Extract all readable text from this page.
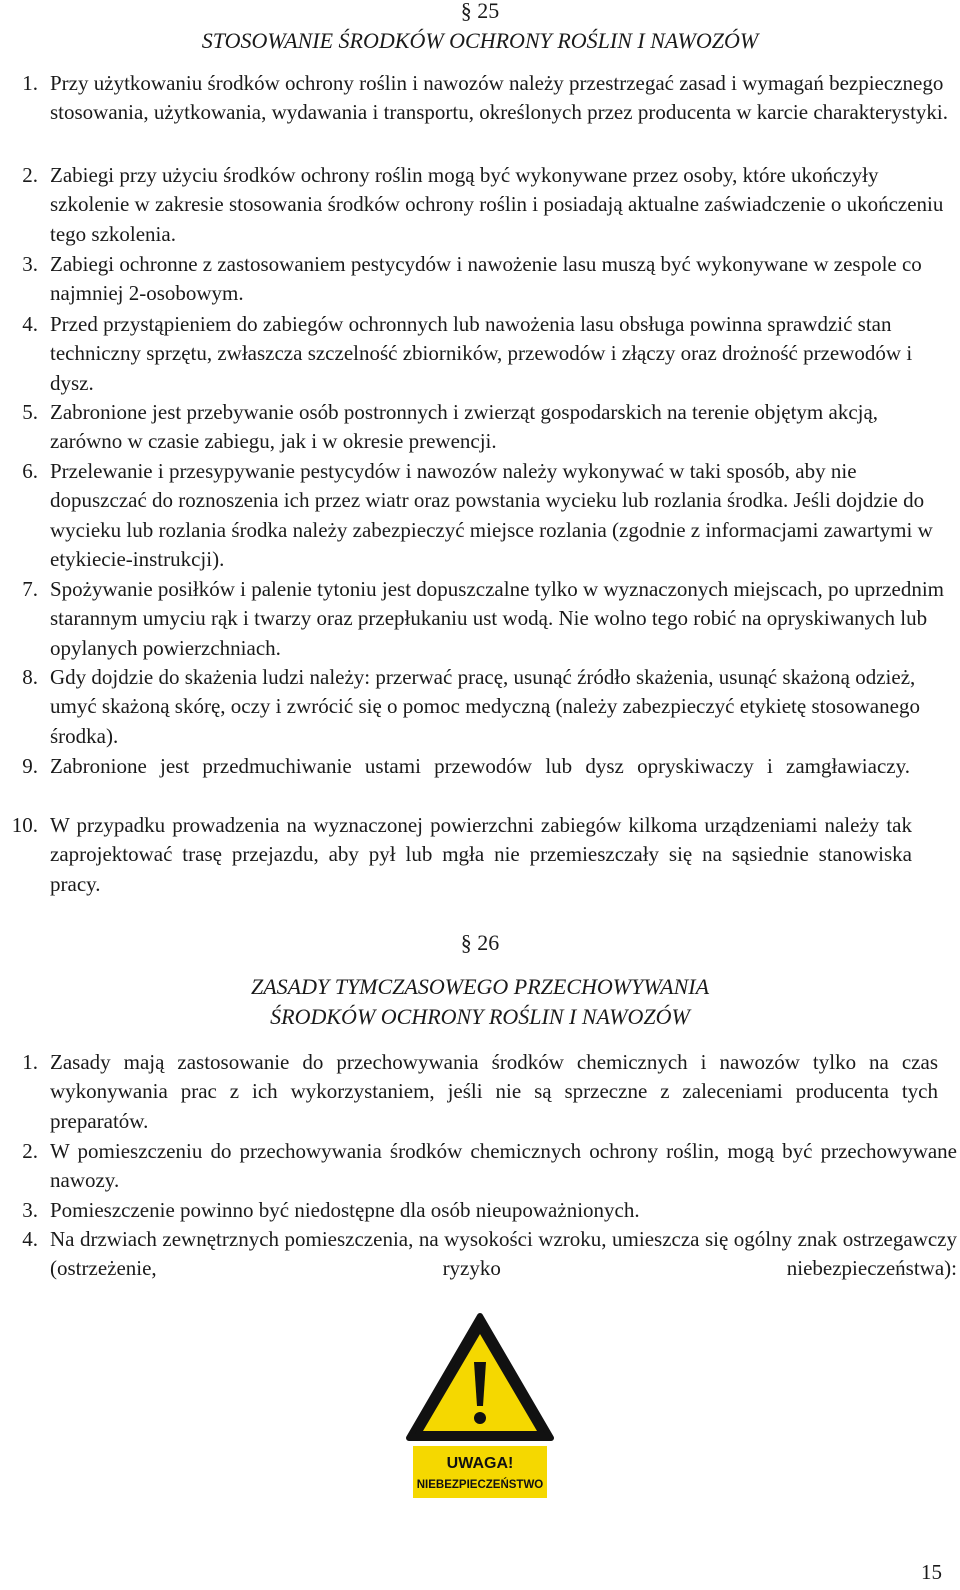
§ 25
STOSOWANIE ŚRODKÓW OCHRONY ROŚLIN I NAWOZÓW
1. Przy użytkowaniu środków ochrony roślin i nawozów należy przestrzegać zasad i wymagań bezpiecznego stosowania, użytkowania, wydawania i transportu, określonych przez producenta w karcie charakterystyki.
2. Zabiegi przy użyciu środków ochrony roślin mogą być wykonywane przez osoby, które ukończyły szkolenie w zakresie stosowania środków ochrony roślin i posiadają aktualne zaświadczenie o ukończeniu tego szkolenia.
3. Zabiegi ochronne z zastosowaniem pestycydów i nawożenie lasu muszą być wykonywane w zespole co najmniej 2-osobowym.
4. Przed przystąpieniem do zabiegów ochronnych lub nawożenia lasu obsługa powinna sprawdzić stan techniczny sprzętu, zwłaszcza szczelność zbiorników, przewodów i złączy oraz drożność przewodów i dysz.
5. Zabronione jest przebywanie osób postronnych i zwierząt gospodarskich na terenie objętym akcją, zarówno w czasie zabiegu, jak i w okresie prewencji.
6. Przelewanie i przesypywanie pestycydów i nawozów należy wykonywać w taki sposób, aby nie dopuszczać do roznoszenia ich przez wiatr oraz powstania wycieku lub rozlania środka. Jeśli dojdzie do wycieku lub rozlania środka należy zabezpieczyć miejsce rozlania (zgodnie z informacjami zawartymi w etykiecie-instrukcji).
7. Spożywanie posiłków i palenie tytoniu jest dopuszczalne tylko w wyznaczonych miejscach, po uprzednim starannym umyciu rąk i twarzy oraz przepłukaniu ust wodą. Nie wolno tego robić na opryskiwanych lub opylanych powierzchniach.
8. Gdy dojdzie do skażenia ludzi należy: przerwać pracę, usunąć źródło skażenia, usunąć skażoną odzież, umyć skażoną skórę, oczy i zwrócić się o pomoc medyczną (należy zabezpieczyć etykietę stosowanego środka).
9. Zabronione jest przedmuchiwanie ustami przewodów lub dysz opryskiwaczy i zamgławiaczy.
10. W przypadku prowadzenia na wyznaczonej powierzchni zabiegów kilkoma urządzeniami należy tak zaprojektować trasę przejazdu, aby pył lub mgła nie przemieszczały się na sąsiednie stanowiska pracy.
§ 26
ZASADY TYMCZASOWEGO PRZECHOWYWANIA
ŚRODKÓW OCHRONY ROŚLIN I NAWOZÓW
1. Zasady mają zastosowanie do przechowywania środków chemicznych i nawozów tylko na czas wykonywania prac z ich wykorzystaniem, jeśli nie są sprzeczne z zaleceniami producenta tych preparatów.
2. W pomieszczeniu do przechowywania środków chemicznych ochrony roślin, mogą być przechowywane nawozy.
3. Pomieszczenie powinno być niedostępne dla osób nieupoważnionych.
4. Na drzwiach zewnętrznych pomieszczenia, na wysokości wzroku, umieszcza się ogólny znak ostrzegawczy (ostrzeżenie, ryzyko niebezpieczeństwa):
UWAGA!
NIEBEZPIECZEŃSTWO
15
